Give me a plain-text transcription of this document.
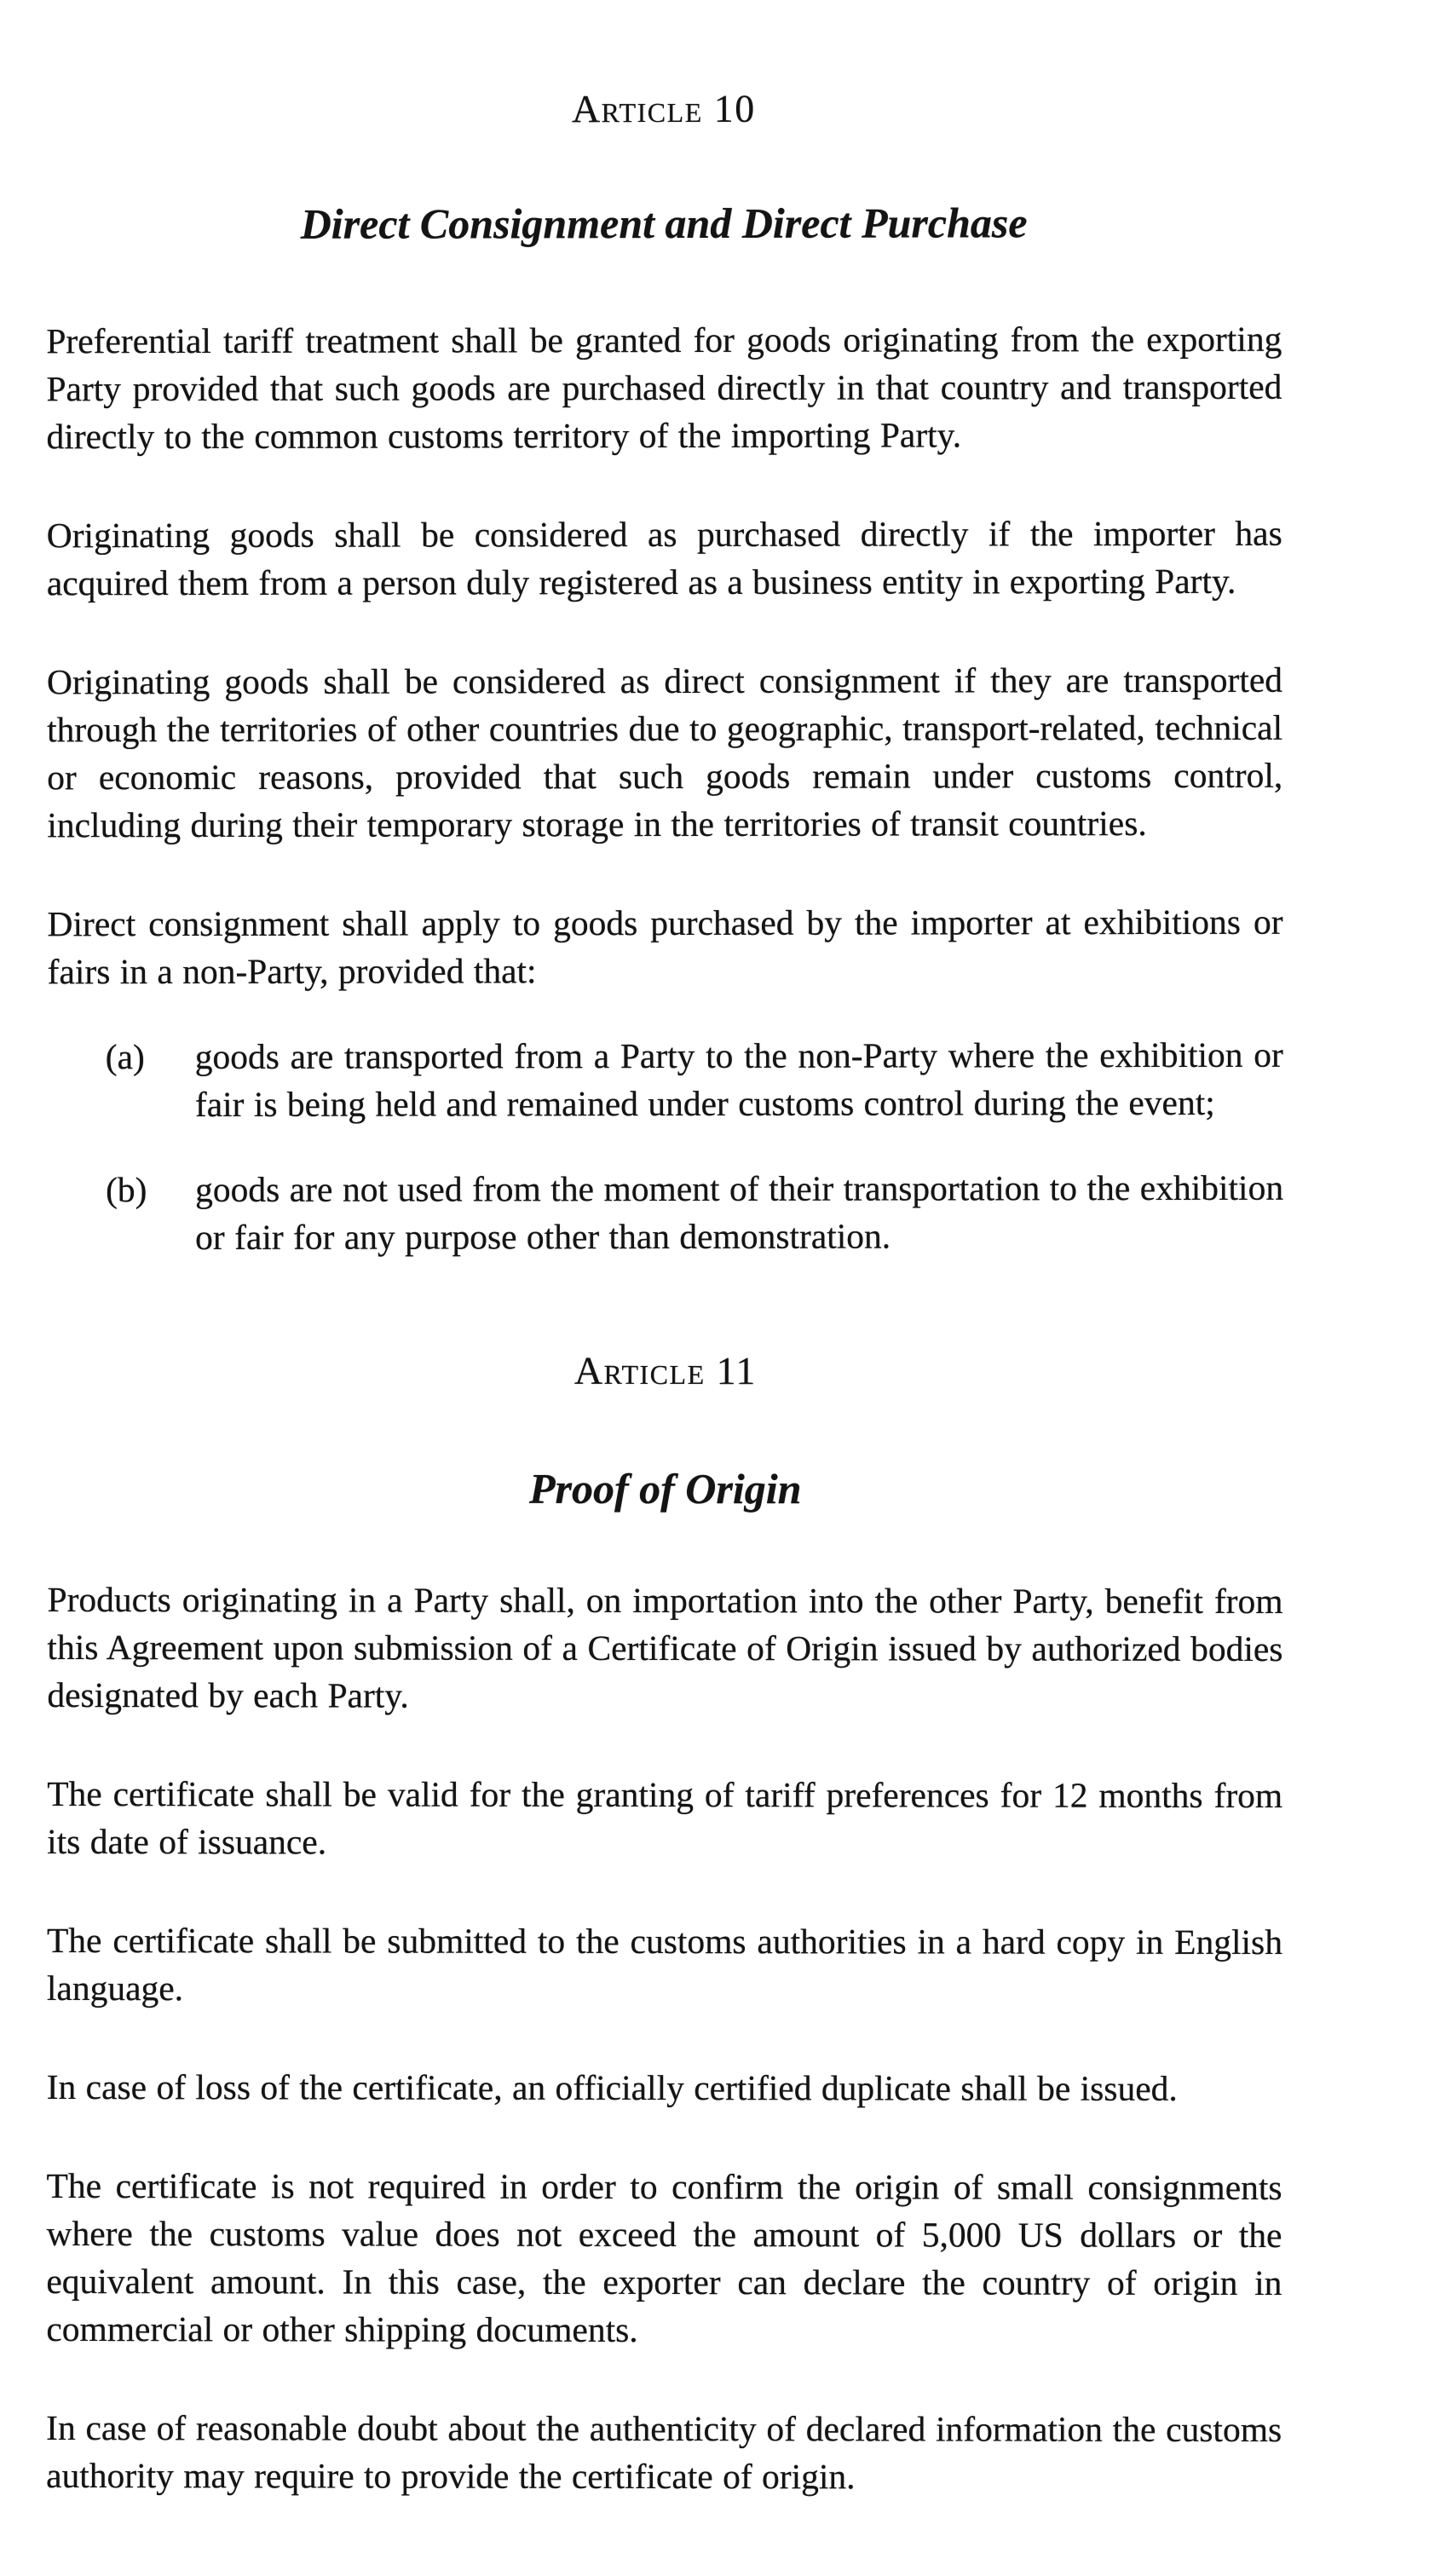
Article 10
Direct Consignment and Direct Purchase

Preferential tariff treatment shall be granted for goods originating from the exporting Party provided that such goods are purchased directly in that country and transported directly to the common customs territory of the importing Party.

Originating goods shall be considered as purchased directly if the importer has acquired them from a person duly registered as a business entity in exporting Party.

Originating goods shall be considered as direct consignment if they are transported through the territories of other countries due to geographic, transport-related, technical or economic reasons, provided that such goods remain under customs control, including during their temporary storage in the territories of transit countries.

Direct consignment shall apply to goods purchased by the importer at exhibitions or fairs in a non-Party, provided that:

(a)	goods are transported from a Party to the non-Party where the exhibition or fair is being held and remained under customs control during the event;
(b)	goods are not used from the moment of their transportation to the exhibition or fair for any purpose other than demonstration.
Article 11
Proof of Origin

Products originating in a Party shall, on importation into the other Party, benefit from this Agreement upon submission of a Certificate of Origin issued by authorized bodies designated by each Party.

The certificate shall be valid for the granting of tariff preferences for 12 months from its date of issuance.

The certificate shall be submitted to the customs authorities in a hard copy in English language.

In case of loss of the certificate, an officially certified duplicate shall be issued.

The certificate is not required in order to confirm the origin of small consignments where the customs value does not exceed the amount of 5,000 US dollars or the equivalent amount. In this case, the exporter can declare the country of origin in commercial or other shipping documents.

In case of reasonable doubt about the authenticity of declared information the customs authority may require to provide the certificate of origin.
